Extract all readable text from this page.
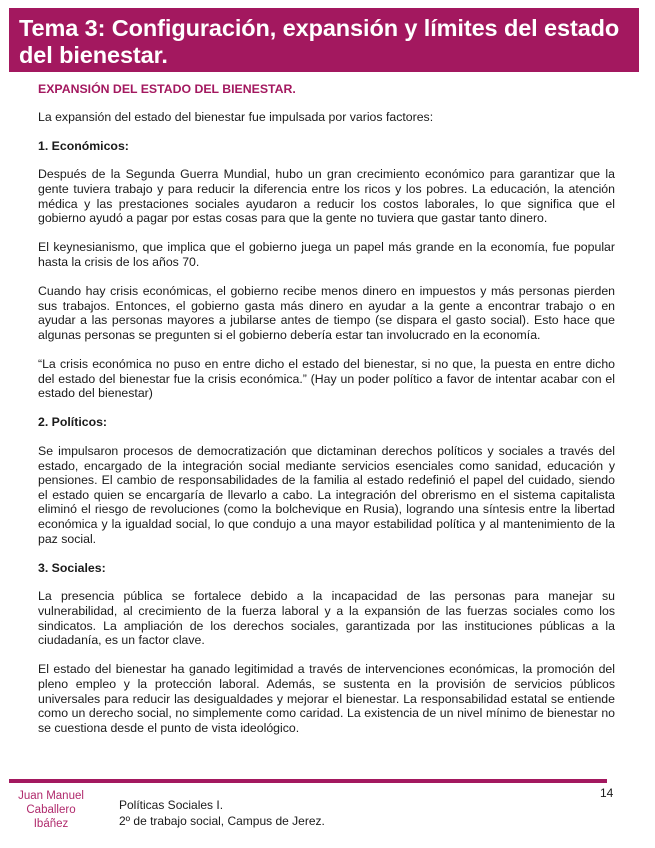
Tema 3: Configuración, expansión y límites del estado del bienestar.
EXPANSIÓN DEL ESTADO DEL BIENESTAR.

La expansión del estado del bienestar fue impulsada por varios factores:

1. Económicos:

Después de la Segunda Guerra Mundial, hubo un gran crecimiento económico para garantizar que la gente tuviera trabajo y para reducir la diferencia entre los ricos y los pobres. La educación, la atención médica y las prestaciones sociales ayudaron a reducir los costos laborales, lo que significa que el gobierno ayudó a pagar por estas cosas para que la gente no tuviera que gastar tanto dinero.

El keynesianismo, que implica que el gobierno juega un papel más grande en la economía, fue popular hasta la crisis de los años 70.

Cuando hay crisis económicas, el gobierno recibe menos dinero en impuestos y más personas pierden sus trabajos. Entonces, el gobierno gasta más dinero en ayudar a la gente a encontrar trabajo o en ayudar a las personas mayores a jubilarse antes de tiempo (se dispara el gasto social). Esto hace que algunas personas se pregunten si el gobierno debería estar tan involucrado en la economía.

“La crisis económica no puso en entre dicho el estado del bienestar, si no que, la puesta en entre dicho del estado del bienestar fue la crisis económica.” (Hay un poder político a favor de intentar acabar con el estado del bienestar)

2. Políticos:

Se impulsaron procesos de democratización que dictaminan derechos políticos y sociales a través del estado, encargado de la integración social mediante servicios esenciales como sanidad, educación y pensiones. El cambio de responsabilidades de la familia al estado redefinió el papel del cuidado, siendo el estado quien se encargaría de llevarlo a cabo. La integración del obrerismo en el sistema capitalista eliminó el riesgo de revoluciones (como la bolchevique en Rusia), logrando una síntesis entre la libertad económica y la igualdad social, lo que condujo a una mayor estabilidad política y al mantenimiento de la paz social.

3. Sociales:

La presencia pública se fortalece debido a la incapacidad de las personas para manejar su vulnerabilidad, al crecimiento de la fuerza laboral y a la expansión de las fuerzas sociales como los sindicatos. La ampliación de los derechos sociales, garantizada por las instituciones públicas a la ciudadanía, es un factor clave.

El estado del bienestar ha ganado legitimidad a través de intervenciones económicas, la promoción del pleno empleo y la protección laboral. Además, se sustenta en la provisión de servicios públicos universales para reducir las desigualdades y mejorar el bienestar. La responsabilidad estatal se entiende como un derecho social, no simplemente como caridad. La existencia de un nivel mínimo de bienestar no se cuestiona desde el punto de vista ideológico.

14
Juan Manuel
Caballero
Ibáñez
Políticas Sociales I.
2º de trabajo social, Campus de Jerez.
